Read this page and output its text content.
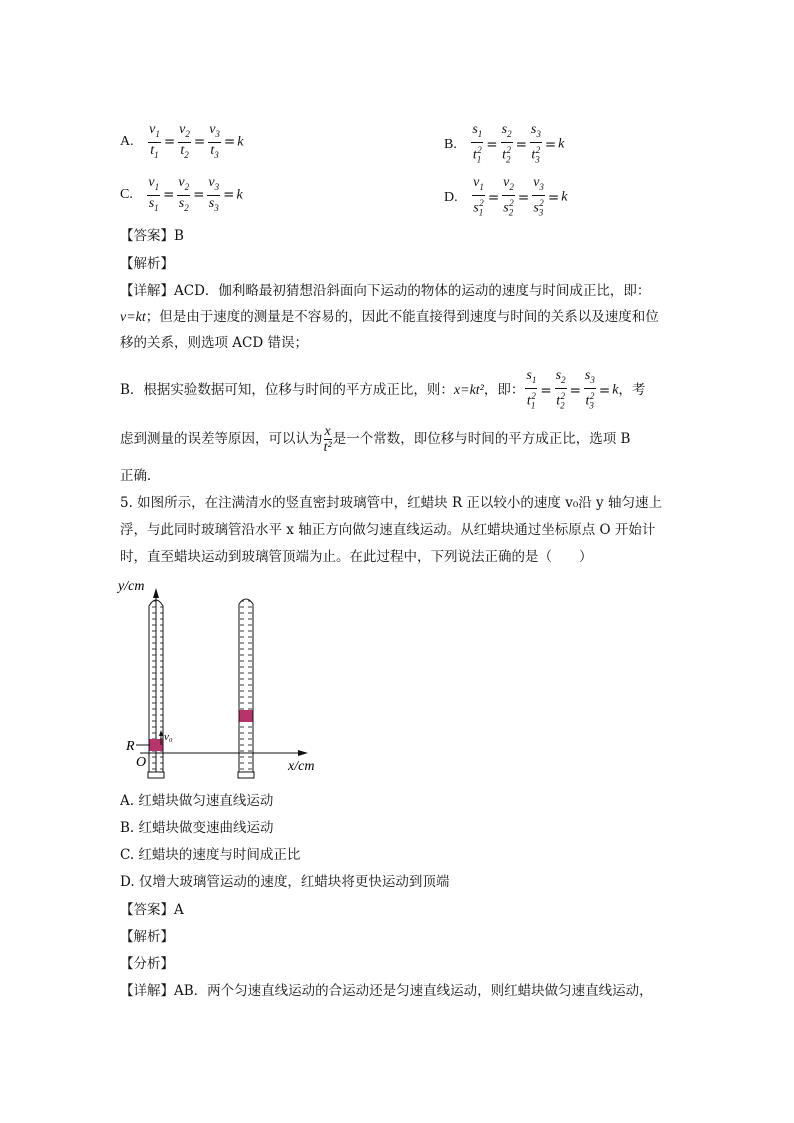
A. $\frac{v_1}{t_1} = \frac{v_2}{t_2} = \frac{v_3}{t_3} = k$	B. $\frac{s_1}{t_1^2} = \frac{s_2}{t_2^2} = \frac{s_3}{t_3^2} = k$
C. $\frac{v_1}{s_1} = \frac{v_2}{s_2} = \frac{v_3}{s_3} = k$	D. $\frac{v_1}{s_1^2} = \frac{v_2}{s_2^2} = \frac{v_3}{s_3^2} = k$
【答案】B
【解析】
【详解】ACD．伽利略最初猜想沿斜面向下运动的物体的运动的速度与时间成正比，即：
v=kt；但是由于速度的测量是不容易的，因此不能直接得到速度与时间的关系以及速度和位
移的关系，则选项 ACD 错误；
B．根据实验数据可知，位移与时间的平方成正比，则：x=kt²，即： $\frac{s_1}{t_1^2} = \frac{s_2}{t_2^2} = \frac{s_3}{t_3^2} = k$，考
虑到测量的误差等原因，可以认为 $\frac{x}{\text{t²}}$ 是一个常数，即位移与时间的平方成正比，选项 B
正确．
5. 如图所示，在注满清水的竖直密封玻璃管中，红蜡块 R 正以较小的速度 v₀沿 y 轴匀速上
浮，与此同时玻璃管沿水平 x 轴正方向做匀速直线运动。从红蜡块通过坐标原点 O 开始计
时，直至蜡块运动到玻璃管顶端为止。在此过程中，下列说法正确的是（　　）
y/cm
x/cm
O
R
v₀
A. 红蜡块做匀速直线运动
B. 红蜡块做变速曲线运动
C. 红蜡块的速度与时间成正比
D. 仅增大玻璃管运动的速度，红蜡块将更快运动到顶端
【答案】A
【解析】
【分析】
【详解】AB．两个匀速直线运动的合运动还是匀速直线运动，则红蜡块做匀速直线运动，
